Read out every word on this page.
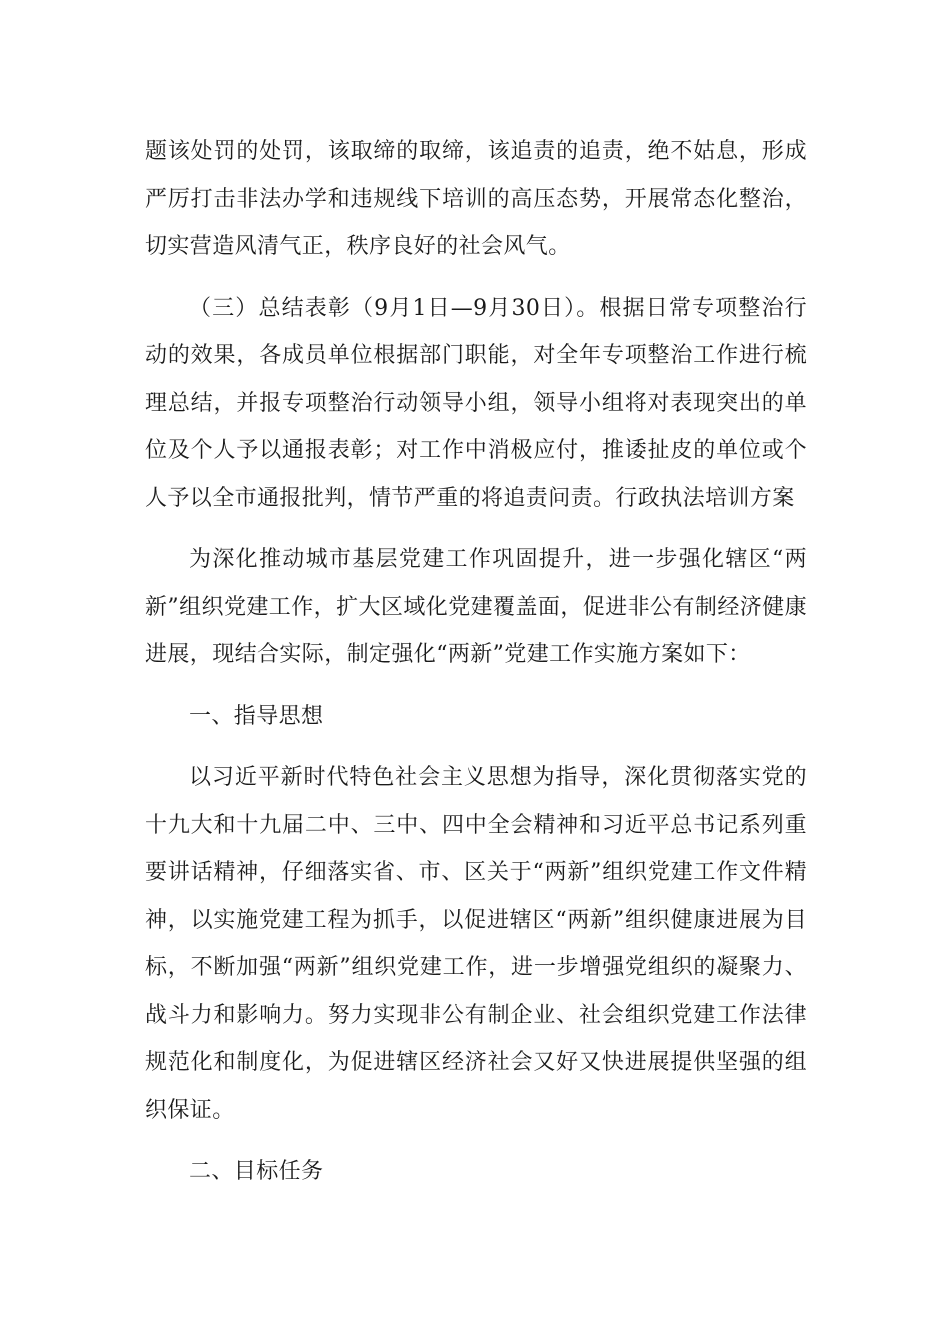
题该处罚的处罚，该取缔的取缔，该追责的追责，绝不姑息，形成严厉打击非法办学和违规线下培训的高压态势，开展常态化整治，切实营造风清气正，秩序良好的社会风气。

（三）总结表彰（9月1日—9月30日）。根据日常专项整治行动的效果，各成员单位根据部门职能，对全年专项整治工作进行梳理总结，并报专项整治行动领导小组，领导小组将对表现突出的单位及个人予以通报表彰；对工作中消极应付，推诿扯皮的单位或个人予以全市通报批判，情节严重的将追责问责。行政执法培训方案

为深化推动城市基层党建工作巩固提升，进一步强化辖区“两新”组织党建工作，扩大区域化党建覆盖面，促进非公有制经济健康进展，现结合实际，制定强化“两新”党建工作实施方案如下：

一、指导思想

以习近平新时代特色社会主义思想为指导，深化贯彻落实党的十九大和十九届二中、三中、四中全会精神和习近平总书记系列重要讲话精神，仔细落实省、市、区关于“两新”组织党建工作文件精神，以实施党建工程为抓手，以促进辖区“两新”组织健康进展为目标，不断加强“两新”组织党建工作，进一步增强党组织的凝聚力、战斗力和影响力。努力实现非公有制企业、社会组织党建工作法律规范化和制度化，为促进辖区经济社会又好又快进展提供坚强的组织保证。

二、目标任务
